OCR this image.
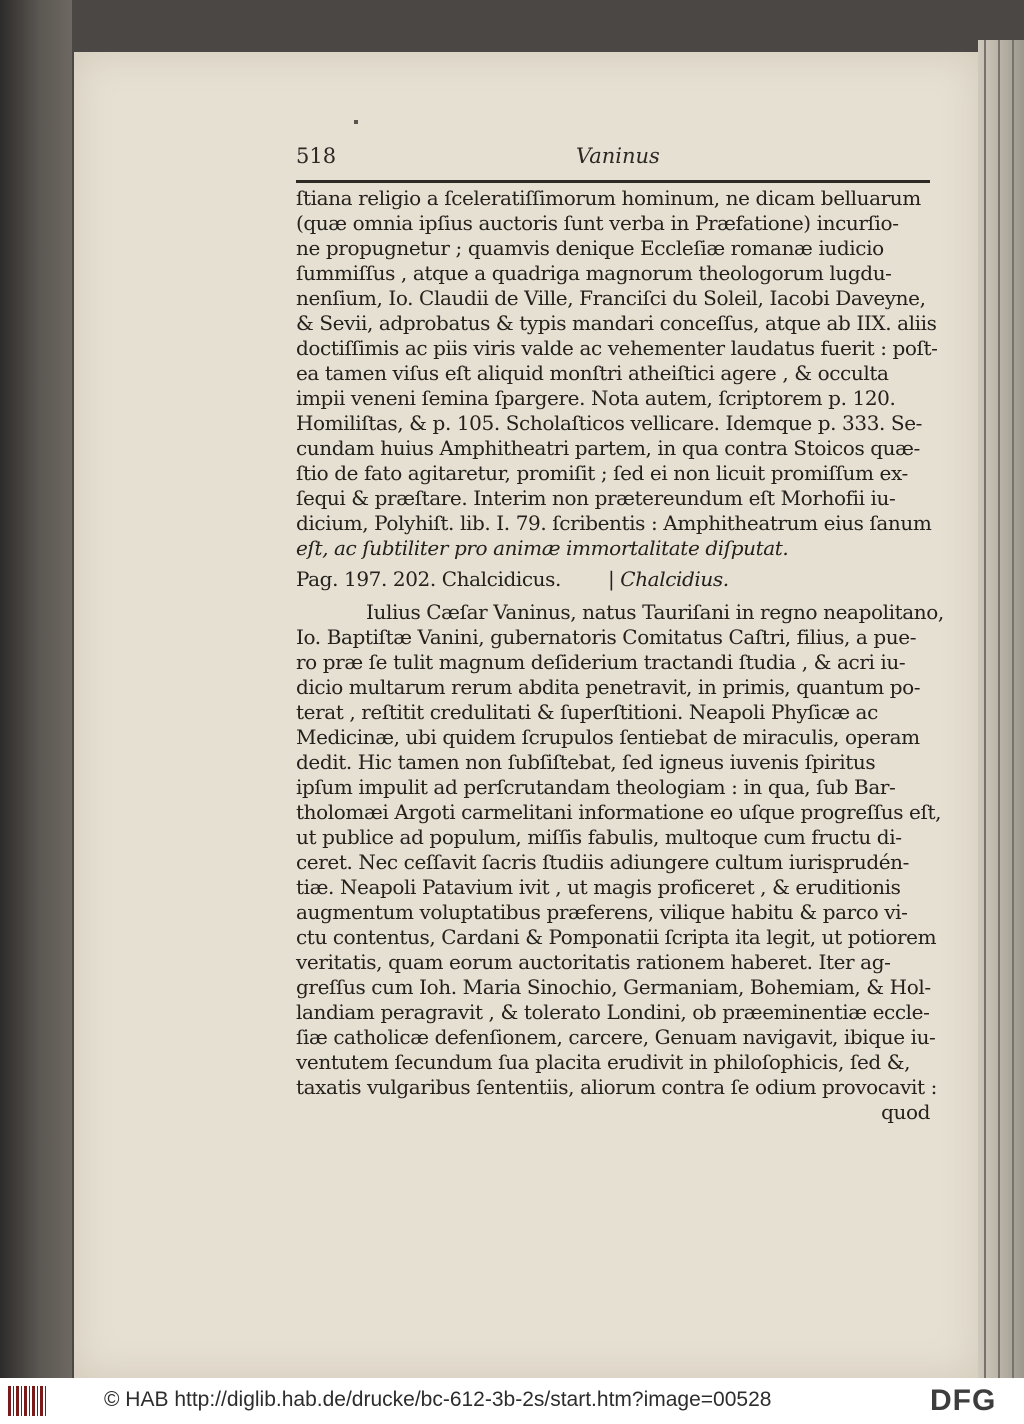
518	Vaninus
ſtiana religio a ſceleratiſſimorum hominum, ne dicam belluarum
(quæ omnia ipſius auctoris ſunt verba in Præfatione) incurſio-
ne propugnetur ; quamvis denique Eccleſiæ romanæ iudicio
ſummiſſus , atque a quadriga magnorum theologorum lugdu-
nenſium, Io. Claudii de Ville, Franciſci du Soleil, Iacobi Daveyne,
& Sevii, adprobatus & typis mandari conceſſus, atque ab IIX. aliis
doctiſſimis ac piis viris valde ac vehementer laudatus fuerit : poſt-
ea tamen viſus eſt aliquid monſtri atheiſtici agere , & occulta
impii veneni ſemina ſpargere. Nota autem, ſcriptorem p. 120.
Homiliſtas, & p. 105. Scholaſticos vellicare. Idemque p. 333. Se-
cundam huius Amphitheatri partem, in qua contra Stoicos quæ-
ſtio de fato agitaretur, promiſit ; ſed ei non licuit promiſſum ex-
ſequi & præſtare. Interim non prætereundum eſt Morhofii iu-
dicium, Polyhiſt. lib. I. 79. ſcribentis : Amphitheatrum eius ſanum
eſt, ac ſubtiliter pro animæ immortalitate diſputat.
Pag. 197. 202. Chalcidicus. | Chalcidius.
Iulius Cæſar Vaninus, natus Tauriſani in regno neapolitano,
Io. Baptiſtæ Vanini, gubernatoris Comitatus Caſtri, filius, a pue-
ro præ ſe tulit magnum deſiderium tractandi ſtudia , & acri iu-
dicio multarum rerum abdita penetravit, in primis, quantum po-
terat , reſtitit credulitati & ſuperſtitioni. Neapoli Phyſicæ ac
Medicinæ, ubi quidem ſcrupulos ſentiebat de miraculis, operam
dedit. Hic tamen non ſubſiſtebat, ſed igneus iuvenis ſpiritus
ipſum impulit ad perſcrutandam theologiam : in qua, ſub Bar-
tholomæi Argoti carmelitani informatione eo uſque progreſſus eſt,
ut publice ad populum, miſſis fabulis, multoque cum fructu di-
ceret. Nec ceſſavit ſacris ſtudiis adiungere cultum iurisprudén-
tiæ. Neapoli Patavium ivit , ut magis proficeret , & eruditionis
augmentum voluptatibus præferens, vilique habitu & parco vi-
ctu contentus, Cardani & Pomponatii ſcripta ita legit, ut potiorem
veritatis, quam eorum auctoritatis rationem haberet. Iter ag-
greſſus cum Ioh. Maria Sinochio, Germaniam, Bohemiam, & Hol-
landiam peragravit , & tolerato Londini, ob præeminentiæ eccle-
ſiæ catholicæ defenſionem, carcere, Genuam navigavit, ibique iu-
ventutem ſecundum ſua placita erudivit in philoſophicis, ſed &,
taxatis vulgaribus ſententiis, aliorum contra ſe odium provocavit :
quod
© HAB http://diglib.hab.de/drucke/bc-612-3b-2s/start.htm?image=00528	DFG
